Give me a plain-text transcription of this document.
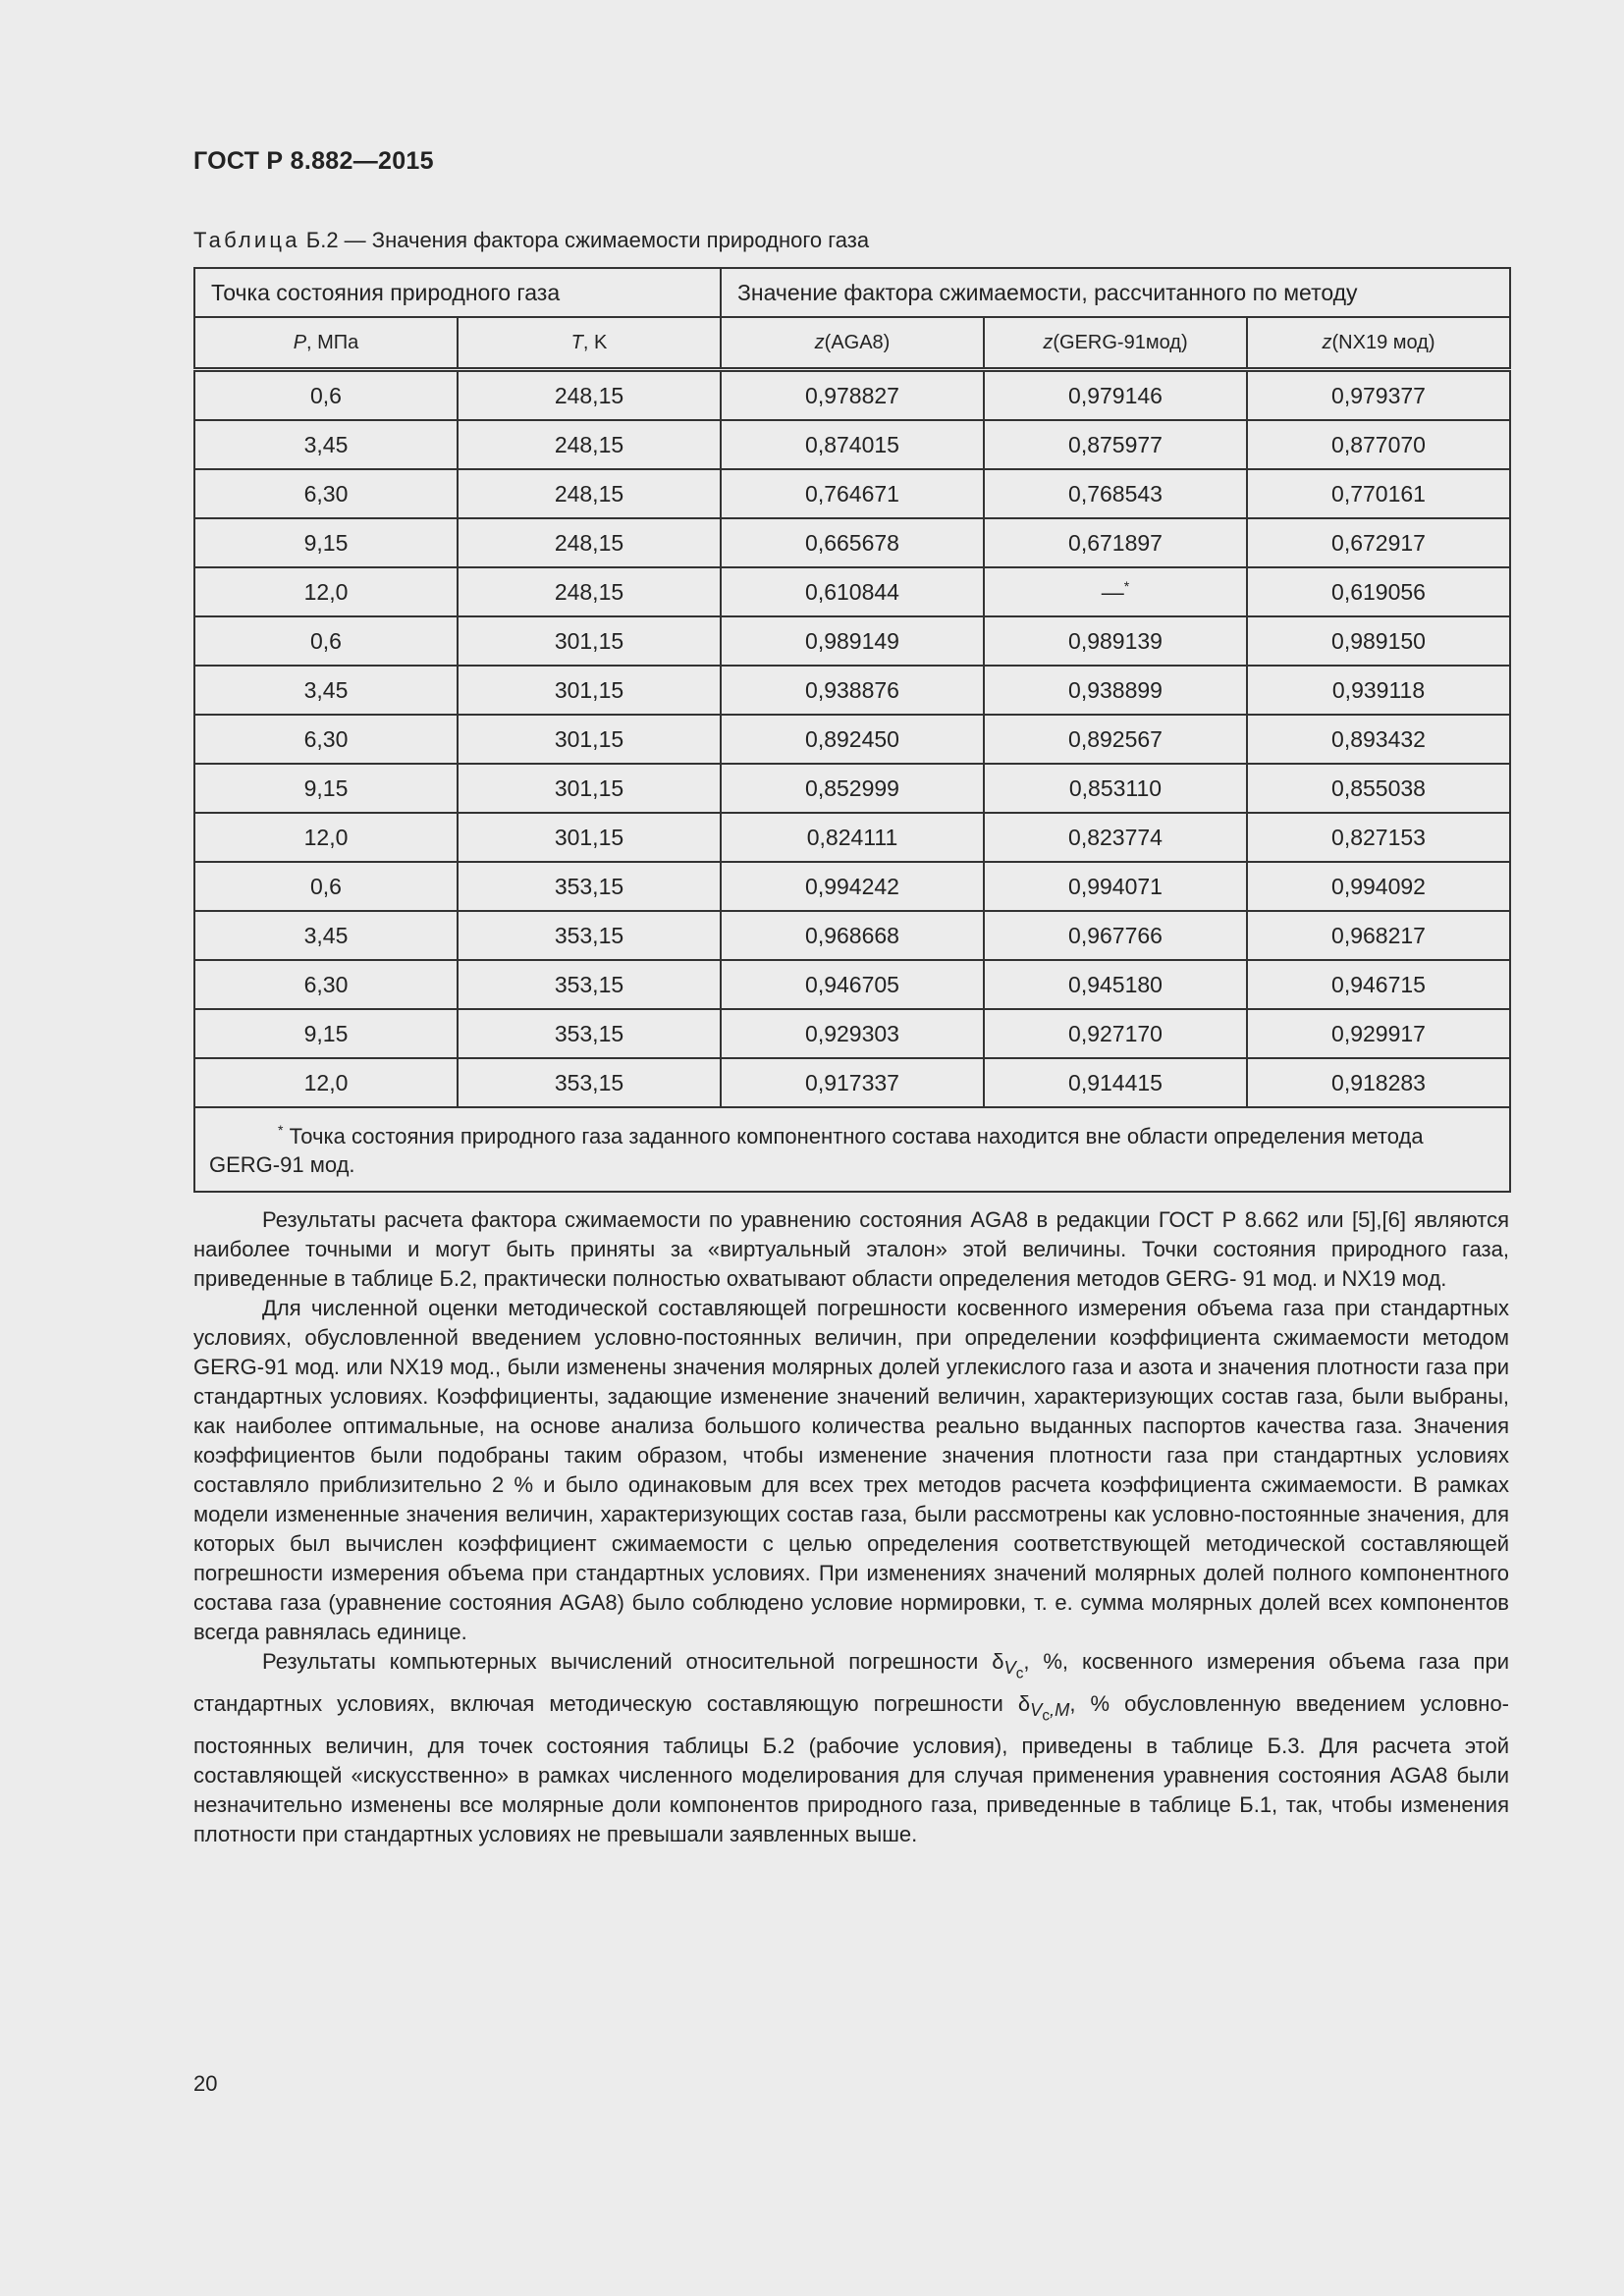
ГОСТ Р 8.882—2015
Таблица Б.2 — Значения фактора сжимаемости природного газа
Точка состояния природного газа		Значение фактора сжимаемости, рассчитанного по методу		
P, МПа	T, K	z(AGA8)	z(GERG-91мод)	z(NX19 мод)
0,6	248,15	0,978827	0,979146	0,979377
3,45	248,15	0,874015	0,875977	0,877070
6,30	248,15	0,764671	0,768543	0,770161
9,15	248,15	0,665678	0,671897	0,672917
12,0	248,15	0,610844	—*	0,619056
0,6	301,15	0,989149	0,989139	0,989150
3,45	301,15	0,938876	0,938899	0,939118
6,30	301,15	0,892450	0,892567	0,893432
9,15	301,15	0,852999	0,853110	0,855038
12,0	301,15	0,824111	0,823774	0,827153
0,6	353,15	0,994242	0,994071	0,994092
3,45	353,15	0,968668	0,967766	0,968217
6,30	353,15	0,946705	0,945180	0,946715
9,15	353,15	0,929303	0,927170	0,929917
12,0	353,15	0,917337	0,914415	0,918283
* Точка состояния природного газа заданного компонентного состава находится вне области определения метода GERG-91 мод.				

Результаты расчета фактора сжимаемости по уравнению состояния AGA8 в редакции ГОСТ Р 8.662 или [5],[6] являются наиболее точными и могут быть приняты за «виртуальный эталон» этой величины. Точки состояния природного газа, приведенные в таблице Б.2, практически полностью охватывают области определения методов GERG- 91 мод. и NX19 мод.

Для численной оценки методической составляющей погрешности косвенного измерения объема газа при стандартных условиях, обусловленной введением условно-постоянных величин, при определении коэффициента сжимаемости методом GERG-91 мод. или NX19 мод., были изменены значения молярных долей углекислого газа и азота и значения плотности газа при стандартных условиях. Коэффициенты, задающие изменение значений величин, характеризующих состав газа, были выбраны, как наиболее оптимальные, на основе анализа большого количества реально выданных паспортов качества газа. Значения коэффициентов были подобраны таким образом, чтобы изменение значения плотности газа при стандартных условиях составляло приблизительно 2 % и было одинаковым для всех трех методов расчета коэффициента сжимаемости. В рамках модели измененные значения величин, характеризующих состав газа, были рассмотрены как условно-постоянные значения, для которых был вычислен коэффициент сжимаемости с целью определения соответствующей методической составляющей погрешности измерения объема при стандартных условиях. При изменениях значений молярных долей полного компонентного состава газа (уравнение состояния AGA8) было соблюдено условие нормировки, т. е. сумма молярных долей всех компонентов всегда равнялась единице.

Результаты компьютерных вычислений относительной погрешности $\delta_{V_c}$, %, косвенного измерения объема газа при стандартных условиях, включая методическую составляющую погрешности $\delta_{V_c,M}$, % обусловленную введением условно-постоянных величин, для точек состояния таблицы Б.2 (рабочие условия), приведены в таблице Б.3. Для расчета этой составляющей «искусственно» в рамках численного моделирования для случая применения уравнения состояния AGA8 были незначительно изменены все молярные доли компонентов природного газа, приведенные в таблице Б.1, так, чтобы изменения плотности при стандартных условиях не превышали заявленных выше.

20
